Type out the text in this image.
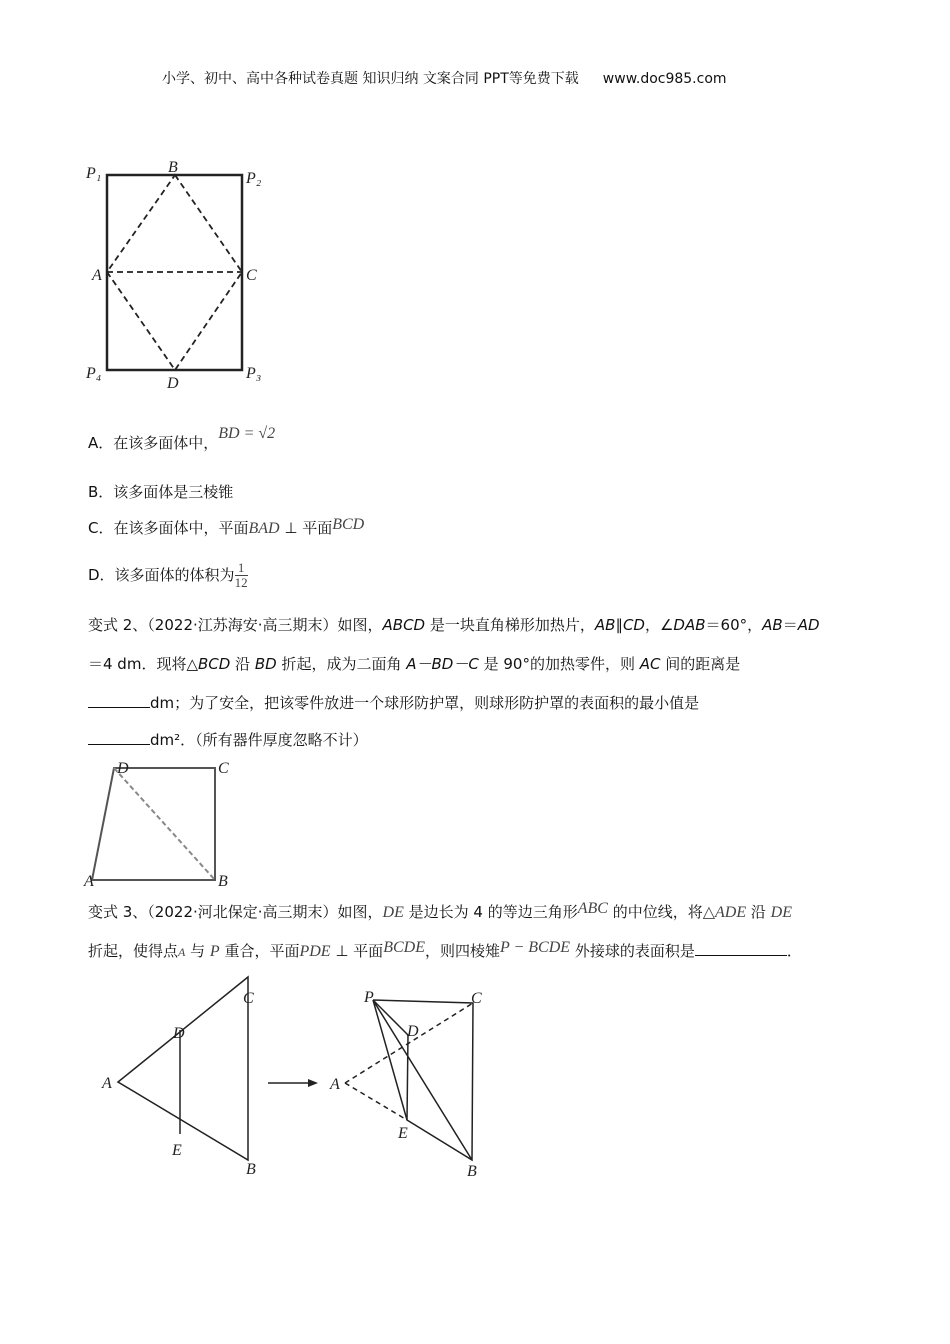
小学、初中、高中各种试卷真题 知识归纳 文案合同 PPT等免费下载 www.doc985.com
P₁	B
P₂
A	C
P₄
D
P₃
D	C
A	B
C
D
A
E
B
P	C
D
A
E
B
A．在该多面体中，BD = √2
B．该多面体是三棱锥
C．在该多面体中，平面BAD ⊥ 平面BCD
D．该多面体的体积为 $\frac{1}{12}$
变式 2、（2022·江苏海安·高三期末）如图，ABCD 是一块直角梯形加热片，AB∥CD，∠DAB＝60°，AB＝AD
＝4 dm．现将△BCD 沿 BD 折起，成为二面角 A－BD－C 是 90°的加热零件，则 AC 间的距离是
dm；为了安全，把该零件放进一个球形防护罩，则球形防护罩的表面积的最小值是
dm²．（所有器件厚度忽略不计）
变式 3、（2022·河北保定·高三期末）如图，DE 是边长为 4 的等边三角形ABC 的中位线，将△ADE 沿 DE
折起，使得点A 与 P 重合，平面PDE ⊥ 平面BCDE，则四棱雉P − BCDE 外接球的表面积是	．
